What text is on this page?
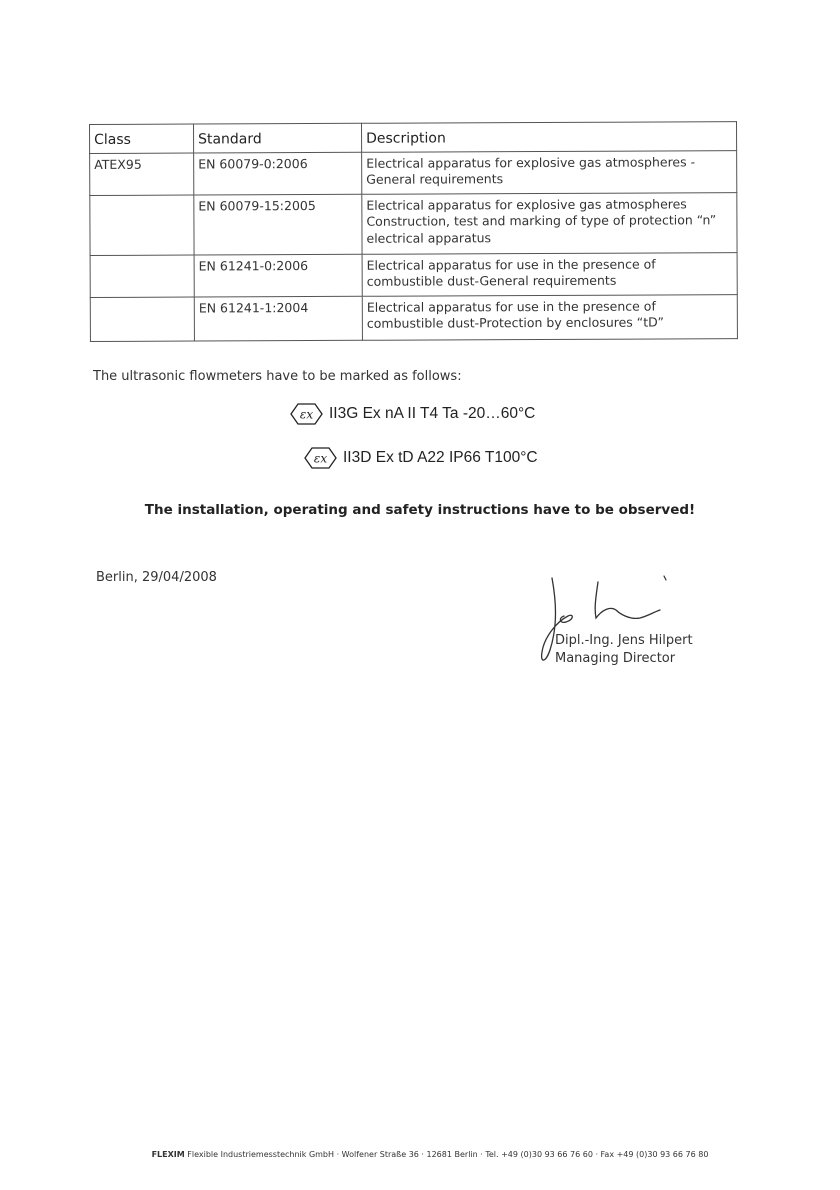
Class	Standard	Description
ATEX95	EN 60079-0:2006	Electrical apparatus for explosive gas atmospheres - General requirements
	EN 60079-15:2005	Electrical apparatus for explosive gas atmospheres Construction, test and marking of type of protection “n” electrical apparatus
	EN 61241-0:2006	Electrical apparatus for use in the presence of combustible dust-General requirements
	EN 61241-1:2004	Electrical apparatus for use in the presence of combustible dust-Protection by enclosures “tD”
The ultrasonic flowmeters have to be marked as follows:
εx II3G Ex nA II T4 Ta -20…60°C
εx II3D Ex tD A22 IP66 T100°C
The installation, operating and safety instructions have to be observed!
Berlin, 29/04/2008
Dipl.-Ing. Jens Hilpert
Managing Director
FLEXIM Flexible Industriemesstechnik GmbH · Wolfener Straße 36 · 12681 Berlin · Tel. +49 (0)30 93 66 76 60 · Fax +49 (0)30 93 66 76 80
